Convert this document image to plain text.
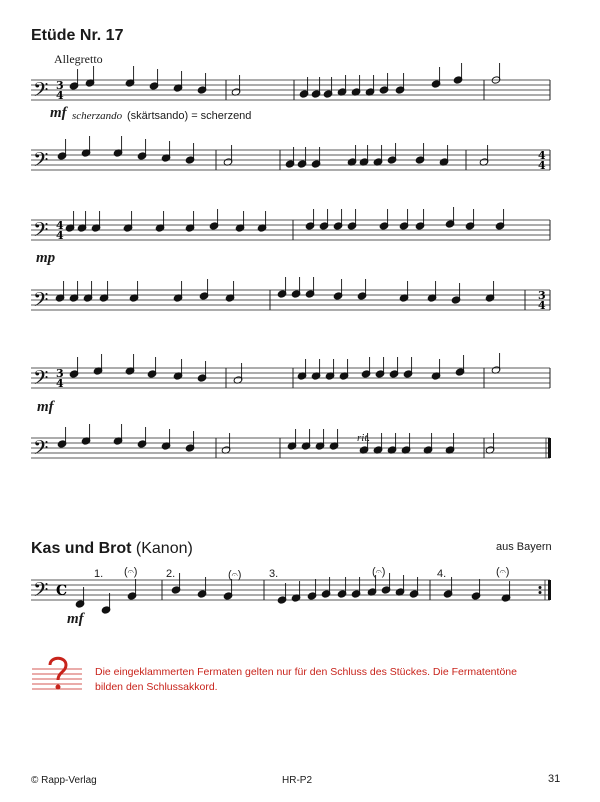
Etüde Nr. 17
Allegretto
𝄢 3
4
𝄢	4
4
𝄢 4
4
𝄢	3
4
𝄢 3
4
𝄢
𝄢 C
mf scherzando (skärtsando) = scherzend
mp
mf
rit.
Kas und Brot (Kanon)	aus Bayern
1.	2.	3.	4.
(𝄐)	(𝄐)	(𝄐)	(𝄐)
mf
Die eingeklammerten Fermaten gelten nur für den Schluss des Stückes. Die Fermatentöne
bilden den Schlussakkord.
© Rapp-Verlag	HR-P2	31
